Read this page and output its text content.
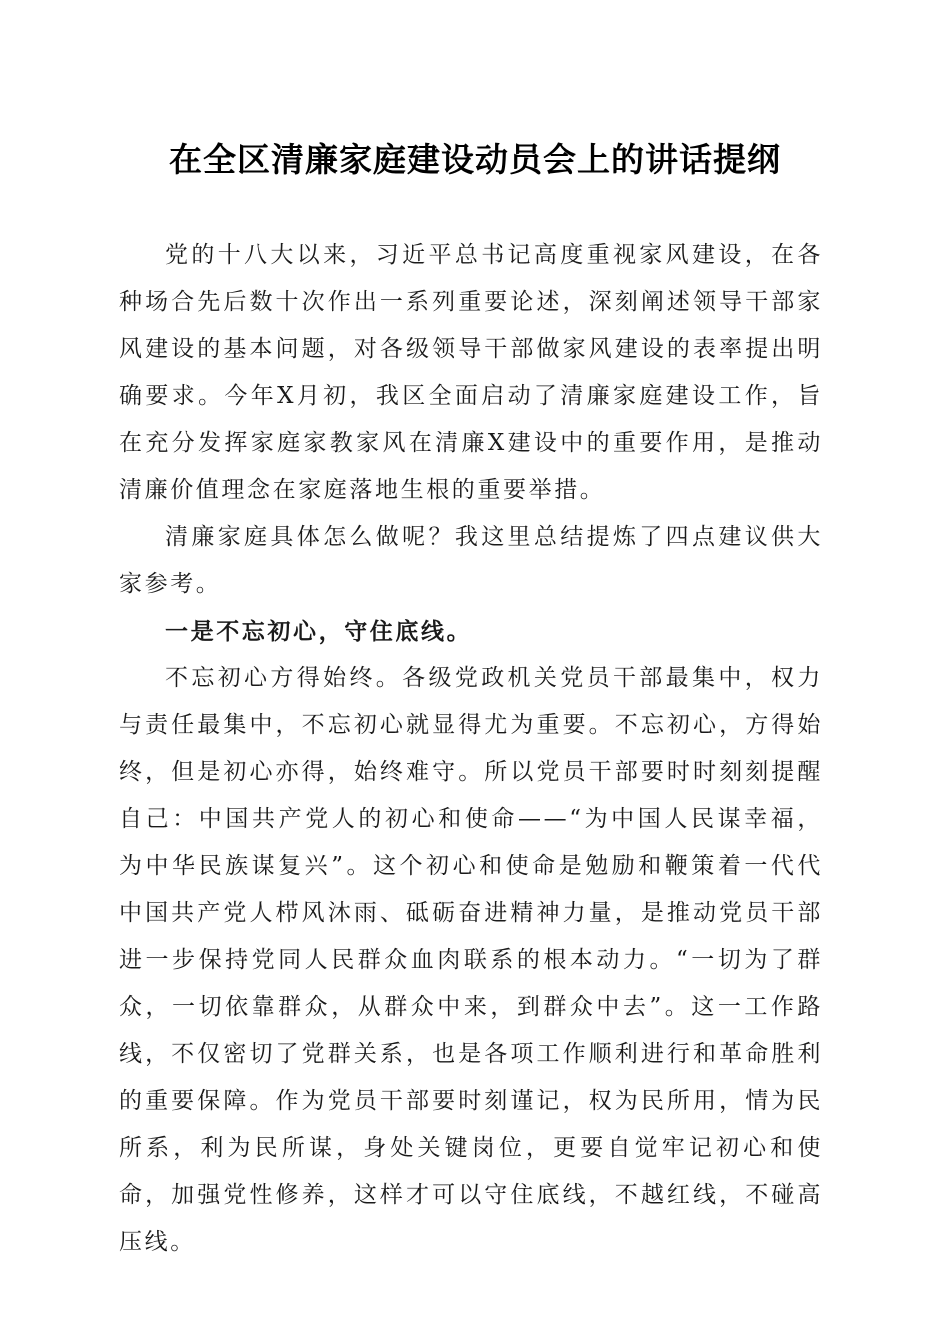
在全区清廉家庭建设动员会上的讲话提纲

党的十八大以来，习近平总书记高度重视家风建设，在各种场合先后数十次作出一系列重要论述，深刻阐述领导干部家风建设的基本问题，对各级领导干部做家风建设的表率提出明确要求。今年X月初，我区全面启动了清廉家庭建设工作，旨在充分发挥家庭家教家风在清廉X建设中的重要作用，是推动清廉价值理念在家庭落地生根的重要举措。

清廉家庭具体怎么做呢？我这里总结提炼了四点建议供大家参考。

一是不忘初心，守住底线。

不忘初心方得始终。各级党政机关党员干部最集中，权力与责任最集中，不忘初心就显得尤为重要。不忘初心，方得始终，但是初心亦得，始终难守。所以党员干部要时时刻刻提醒自己：中国共产党人的初心和使命——“为中国人民谋幸福，为中华民族谋复兴”。这个初心和使命是勉励和鞭策着一代代中国共产党人栉风沐雨、砥砺奋进精神力量，是推动党员干部进一步保持党同人民群众血肉联系的根本动力。“一切为了群众，一切依靠群众，从群众中来，到群众中去”。这一工作路线，不仅密切了党群关系，也是各项工作顺利进行和革命胜利的重要保障。作为党员干部要时刻谨记，权为民所用，情为民所系，利为民所谋，身处关键岗位，更要自觉牢记初心和使命，加强党性修养，这样才可以守住底线，不越红线，不碰高压线。
